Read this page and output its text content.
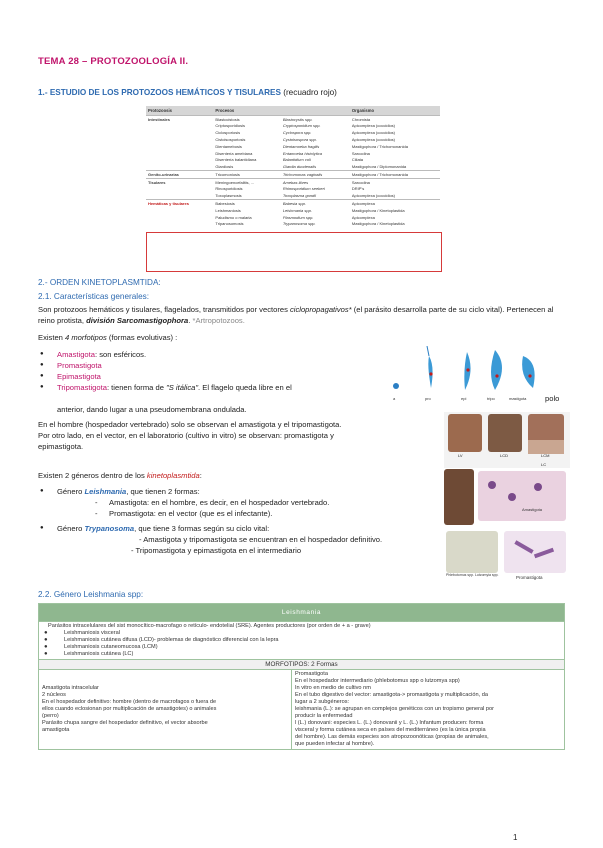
TEMA 28 – PROTOZOOLOGÍA II.
1.- ESTUDIO DE LOS PROTOZOOS HEMÁTICOS Y TISULARES (recuadro rojo)
Protozoosis	Procesos		Organismo
Intestinales	Blastocistosis	Blastocystis spp.	Chromista
	Criptosporidiosis	Cryptosporidium spp.	Apicomplexa (coccidios)
	Ciclosporiosis	Cyclospora spp.	Apicomplexa (coccidios)
	Cistoisosporiosis	Cystoisospora spp.	Apicomplexa (coccidios)
	Dientamebosis	Dientamoeba fragilis	Mastigophora / Trichomonanida
	Disentería amebiana	Entamoeba histolytica	Sarcodina
	Disentería balantidiana	Balantidium coli	Ciliata
	Giardiosis	Giardia duodenalis	Mastigophora / Diplomonanida
Genito-urinarias	Tricomoniosis	Trichomonas vaginalis	Mastigophora / Trichomonanida
Tisulares	Meningoencefalitis, ...	Amebas libres	Sarcodina
	Rinosporidiosis	Rhinosporidium seeberi	DRIP's
	Toxoplasmosis	Toxoplasma gondii	Apicomplexa (coccidios)
Hemáticas y tisulares	Babesiosis	Babesia spp.	Apicomplexa
	Leishmaniosis	Leishmania spp.	Mastigophora / Kinetoplastida
	Paludismo o malaria	Plasmodium spp.	Apicomplexa
	Tripanosomosis	Trypanosoma spp.	Mastigophora / Kinetoplastida
2.- ORDEN KINETOPLASMTIDA:
2.1. Características generales:
Son protozoos hemáticos y tisulares, flagelados, transmitidos por vectores ciclopropagativos* (el parásito desarrolla parte de su ciclo vital). Pertenecen al reino protista, división Sarcomastigophora. *Artropotozoos.
Existen 4 morfotipos (formas evolutivas) :
● Amastigota: son esféricos.
● Promastigota
● Epimastigota
● Tripomastigota: tienen forma de "S itálica". El flagelo queda libre en el
polo
anterior, dando lugar a una pseudomembrana ondulada.
a	pro	epi	tripo	mastigota
En el hombre (hospedador vertebrado) solo se observan el amastigota y el tripomastigota.
Por otro lado, en el vector, en el laboratorio (cultivo in vitro) se observan: promastigota y
epimastigota.
LV	LCD	LCM
LC
Existen 2 géneros dentro de los kinetoplasmtida:
● Género Leishmania, que tienen 2 formas:
- Amastigota: en el hombre, es decir, en el hospedador vertebrado.
- Promastigota: en el vector (que es el infectante).
● Género Trypanosoma, que tiene 3 formas según su ciclo vital:
- Amastigota y tripomastigota se encuentran en el hospedador definitivo.
- Tripomastigota y epimastigota en el intermediario
Amastigota
Phlebotomus spp. Lutzomyia spp.	Promastigota
2.2. Género Leishmania spp:
Leishmania

Parásitos intracelulares del sist monocítico-macrofago o retículo- endotelial (SRE). Agentes productores (por orden de + a - grave)
● Leishmaniosis visceral
● Leishmaniosis cutánea difusa (LCD)- problemas de diagnóstico diferencial con la lepra
● Leishmaniosis cutaneomucosa (LCM)
● Leishmaniosis cutánea (LC)

MORFOTIPOS: 2 Formas

Amastigota intracelular
2 núcleos
En el hospedador definitivo: hombre (dentro de macrofagos o fuera de
ellos cuando eclosionan por multiplicación de amastigotes) o animales
(perro)
Parásito chupa sangre del hospedador definitivo, el vector absorbe
amastigota

Promastigota
En el hospedador intermediario (phlebotomus spp o lutzomya spp)
In vitro en medio de cultivo nm
En el tubo digestivo del vector: amastigota-> promastigota y multiplicación, da
lugar a 2 subgéneros:
leishmania (L.): se agrupan en complejos genéticos con un tropismo general por
producir la enfermedad
l (L.) donovani: especies L. (L.) donovanii y L. (L.) Infantum producen: forma
visceral y forma cutánea seca en países del mediterráneo (es la única propia
del hombre). Las demás especies son atropozoonóticas (propias de animales,
que pueden infectar al hombre).
1
